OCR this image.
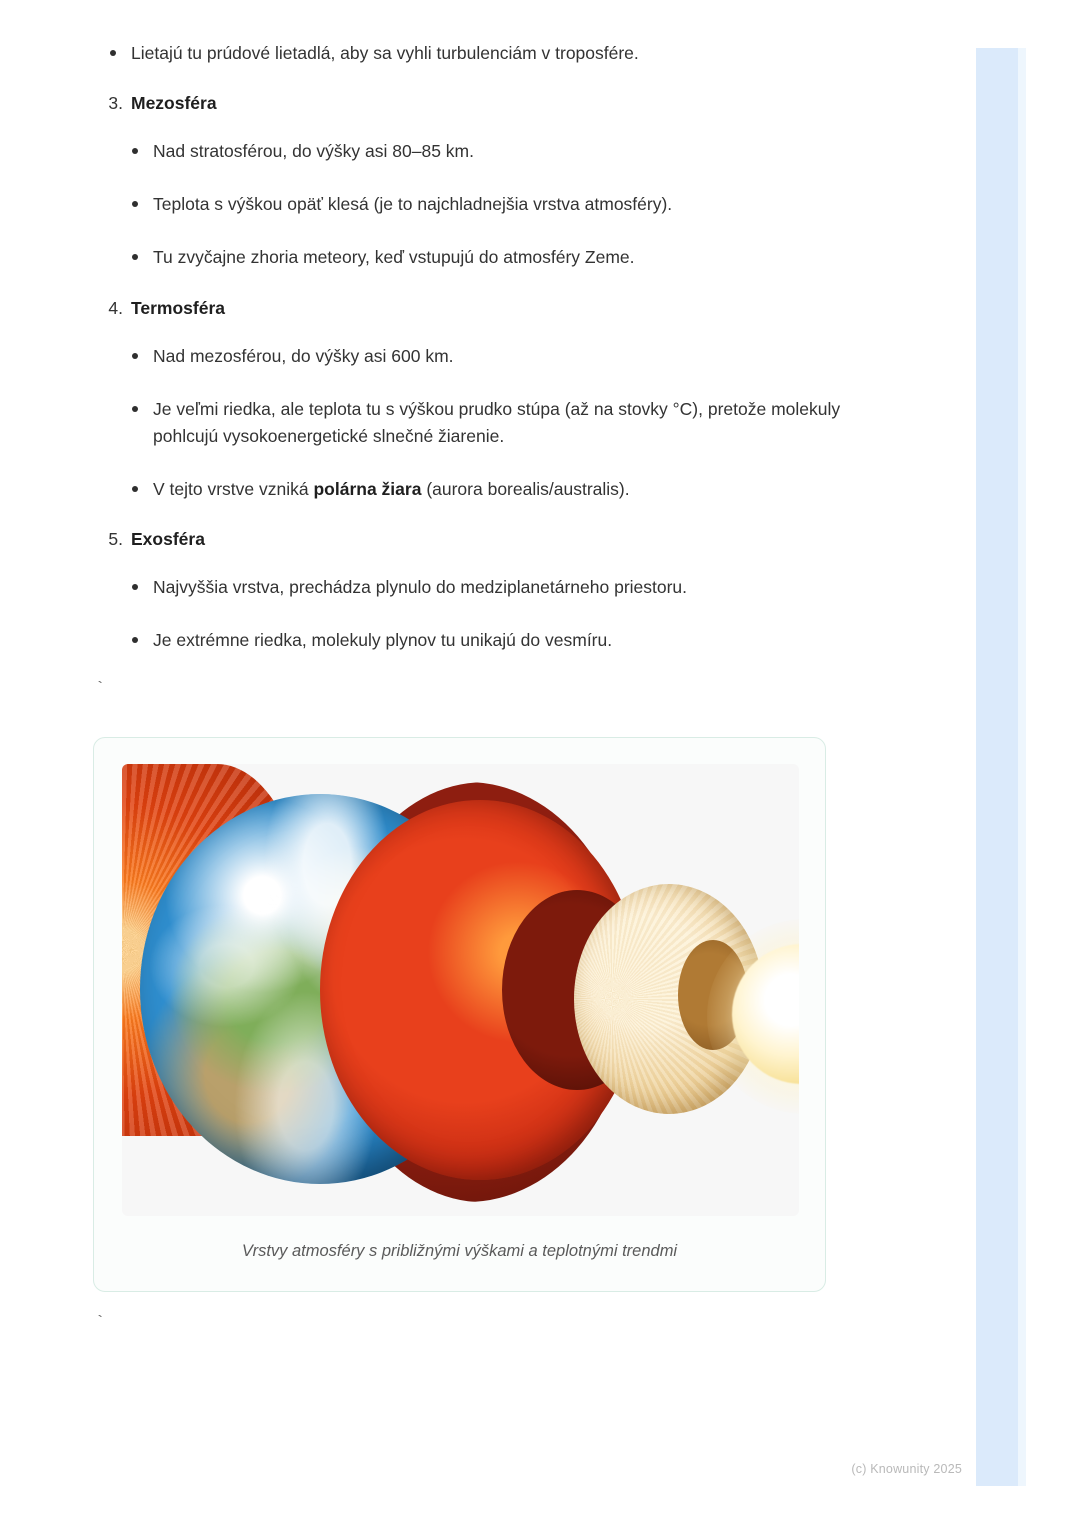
Lietajú tu prúdové lietadlá, aby sa vyhli turbulenciám v troposfére.
3. Mezosféra
Nad stratosférou, do výšky asi 80–85 km.
Teplota s výškou opäť klesá (je to najchladnejšia vrstva atmosféry).
Tu zvyčajne zhoria meteory, keď vstupujú do atmosféry Zeme.
4. Termosféra
Nad mezosférou, do výšky asi 600 km.
Je veľmi riedka, ale teplota tu s výškou prudko stúpa (až na stovky °C), pretože molekuly pohlcujú vysokoenergetické slnečné žiarenie.
V tejto vrstve vzniká polárna žiara (aurora borealis/australis).
5. Exosféra
Najvyššia vrstva, prechádza plynulo do medziplanetárneho priestoru.
Je extrémne riedka, molekuly plynov tu unikajú do vesmíru.
`
Vrstvy atmosféry s približnými výškami a teplotnými trendmi
`
(c) Knowunity 2025
